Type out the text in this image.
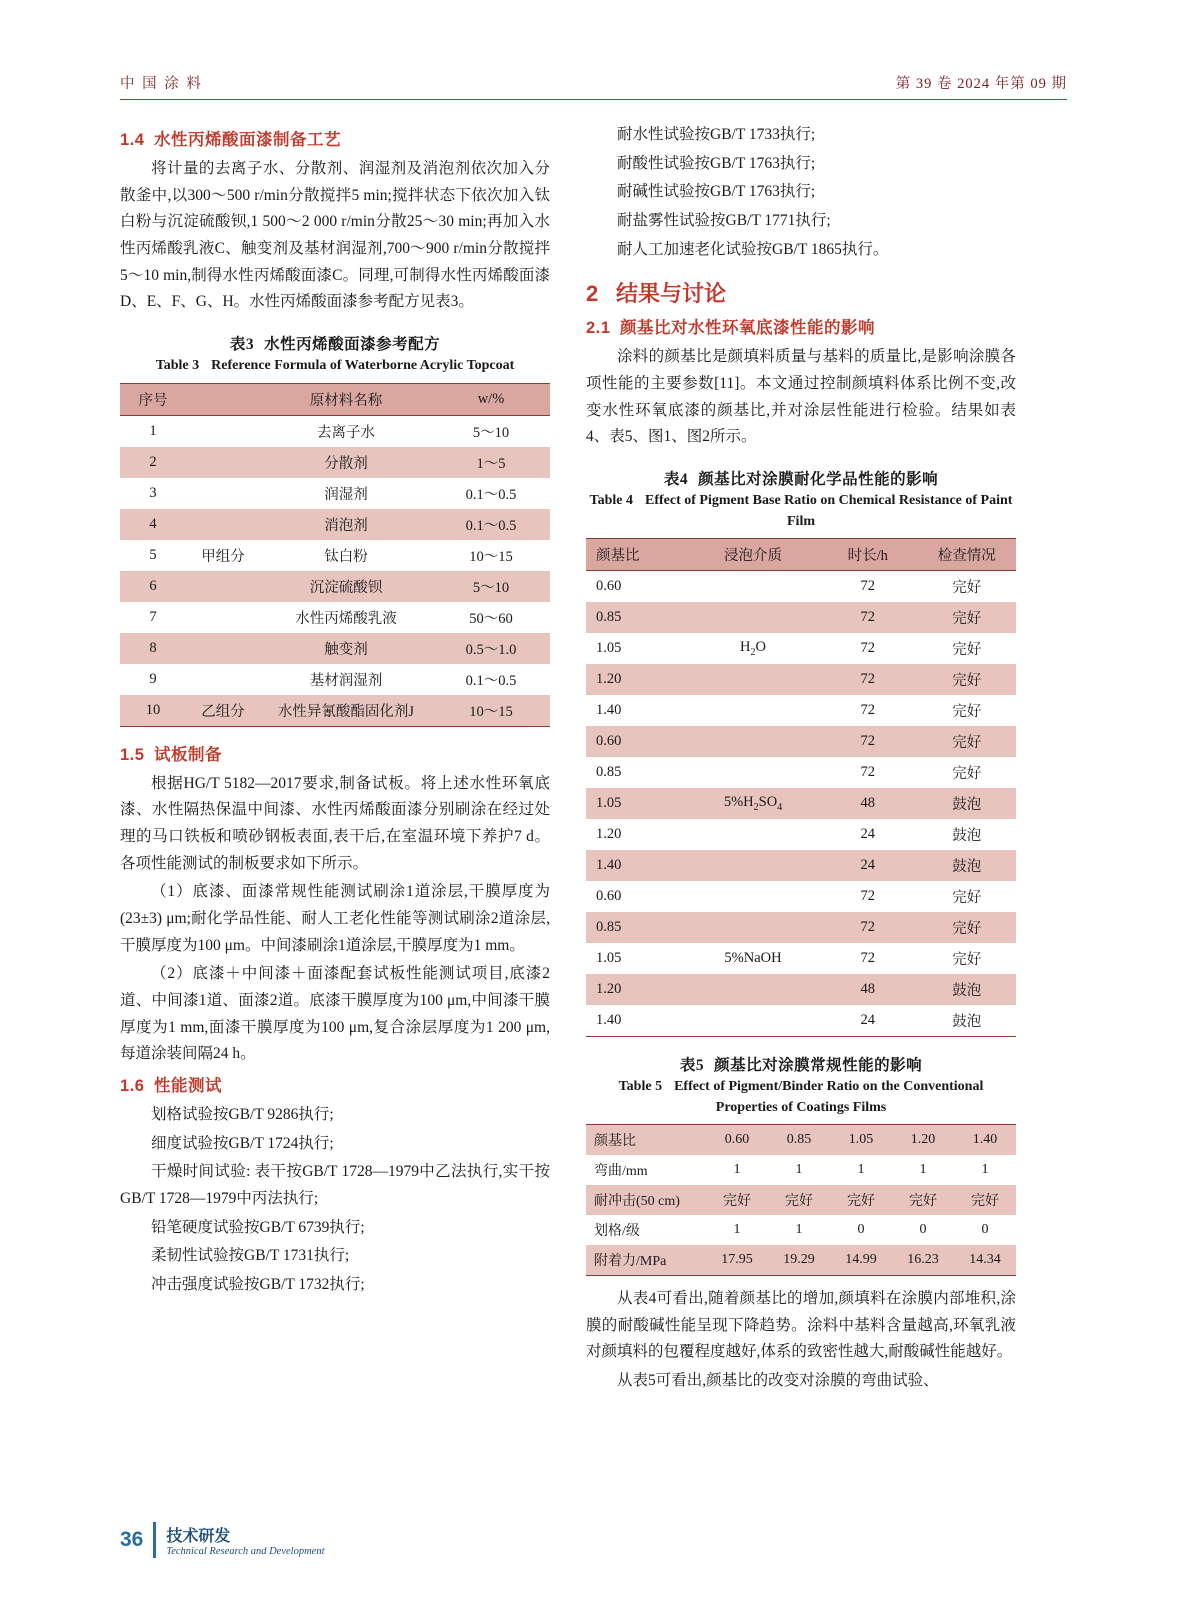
中 国 涂 料	第 39 卷 2024 年第 09 期
1.4 水性丙烯酸面漆制备工艺

将计量的去离子水、分散剂、润湿剂及消泡剂依次加入分散釜中,以300～500 r/min分散搅拌5 min;搅拌状态下依次加入钛白粉与沉淀硫酸钡,1 500～2 000 r/min分散25～30 min;再加入水性丙烯酸乳液C、触变剂及基材润湿剂,700～900 r/min分散搅拌5～10 min,制得水性丙烯酸面漆C。同理,可制得水性丙烯酸面漆D、E、F、G、H。水性丙烯酸面漆参考配方见表3。

表3 水性丙烯酸面漆参考配方
Table 3 Reference Formula of Waterborne Acrylic Topcoat
序号		原材料名称	w/%
1		去离子水	5～10
2		分散剂	1～5
3		润湿剂	0.1～0.5
4		消泡剂	0.1～0.5
5	甲组分	钛白粉	10～15
6		沉淀硫酸钡	5～10
7		水性丙烯酸乳液	50～60
8		触变剂	0.5～1.0
9		基材润湿剂	0.1～0.5
10	乙组分	水性异氰酸酯固化剂J	10～15
1.5 试板制备

根据HG/T 5182—2017要求,制备试板。将上述水性环氧底漆、水性隔热保温中间漆、水性丙烯酸面漆分别刷涂在经过处理的马口铁板和喷砂钢板表面,表干后,在室温环境下养护7 d。各项性能测试的制板要求如下所示。

（1）底漆、面漆常规性能测试刷涂1道涂层,干膜厚度为(23±3) μm;耐化学品性能、耐人工老化性能等测试刷涂2道涂层,干膜厚度为100 μm。中间漆刷涂1道涂层,干膜厚度为1 mm。

（2）底漆＋中间漆＋面漆配套试板性能测试项目,底漆2道、中间漆1道、面漆2道。底漆干膜厚度为100 μm,中间漆干膜厚度为1 mm,面漆干膜厚度为100 μm,复合涂层厚度为1 200 μm,每道涂装间隔24 h。

1.6 性能测试

划格试验按GB/T 9286执行;

细度试验按GB/T 1724执行;

干燥时间试验: 表干按GB/T 1728—1979中乙法执行,实干按GB/T 1728—1979中丙法执行;

铅笔硬度试验按GB/T 6739执行;

柔韧性试验按GB/T 1731执行;

冲击强度试验按GB/T 1732执行;

耐水性试验按GB/T 1733执行;

耐酸性试验按GB/T 1763执行;

耐碱性试验按GB/T 1763执行;

耐盐雾性试验按GB/T 1771执行;

耐人工加速老化试验按GB/T 1865执行。

2 结果与讨论
2.1 颜基比对水性环氧底漆性能的影响

涂料的颜基比是颜填料质量与基料的质量比,是影响涂膜各项性能的主要参数[11]。本文通过控制颜填料体系比例不变,改变水性环氧底漆的颜基比,并对涂层性能进行检验。结果如表4、表5、图1、图2所示。

表4 颜基比对涂膜耐化学品性能的影响
Table 4 Effect of Pigment Base Ratio on Chemical Resistance of Paint Film
颜基比	浸泡介质	时长/h	检查情况
0.60		72	完好
0.85		72	完好
1.05	$H_2O$	72	完好
1.20		72	完好
1.40		72	完好
0.60		72	完好
0.85		72	完好
1.05	$5\%H_2SO_4$	48	鼓泡
1.20		24	鼓泡
1.40		24	鼓泡
0.60		72	完好
0.85		72	完好
1.05	5%NaOH	72	完好
1.20		48	鼓泡
1.40		24	鼓泡
表5 颜基比对涂膜常规性能的影响
Table 5 Effect of Pigment/Binder Ratio on the Conventional Properties of Coatings Films
颜基比	0.60	0.85	1.05	1.20	1.40
弯曲/mm	1	1	1	1	1
耐冲击(50 cm)	完好	完好	完好	完好	完好
划格/级	1	1	0	0	0
附着力/MPa	17.95	19.29	14.99	16.23	14.34

从表4可看出,随着颜基比的增加,颜填料在涂膜内部堆积,涂膜的耐酸碱性能呈现下降趋势。涂料中基料含量越高,环氧乳液对颜填料的包覆程度越好,体系的致密性越大,耐酸碱性能越好。

从表5可看出,颜基比的改变对涂膜的弯曲试验、

36 技术研发
Technical Research and Development
